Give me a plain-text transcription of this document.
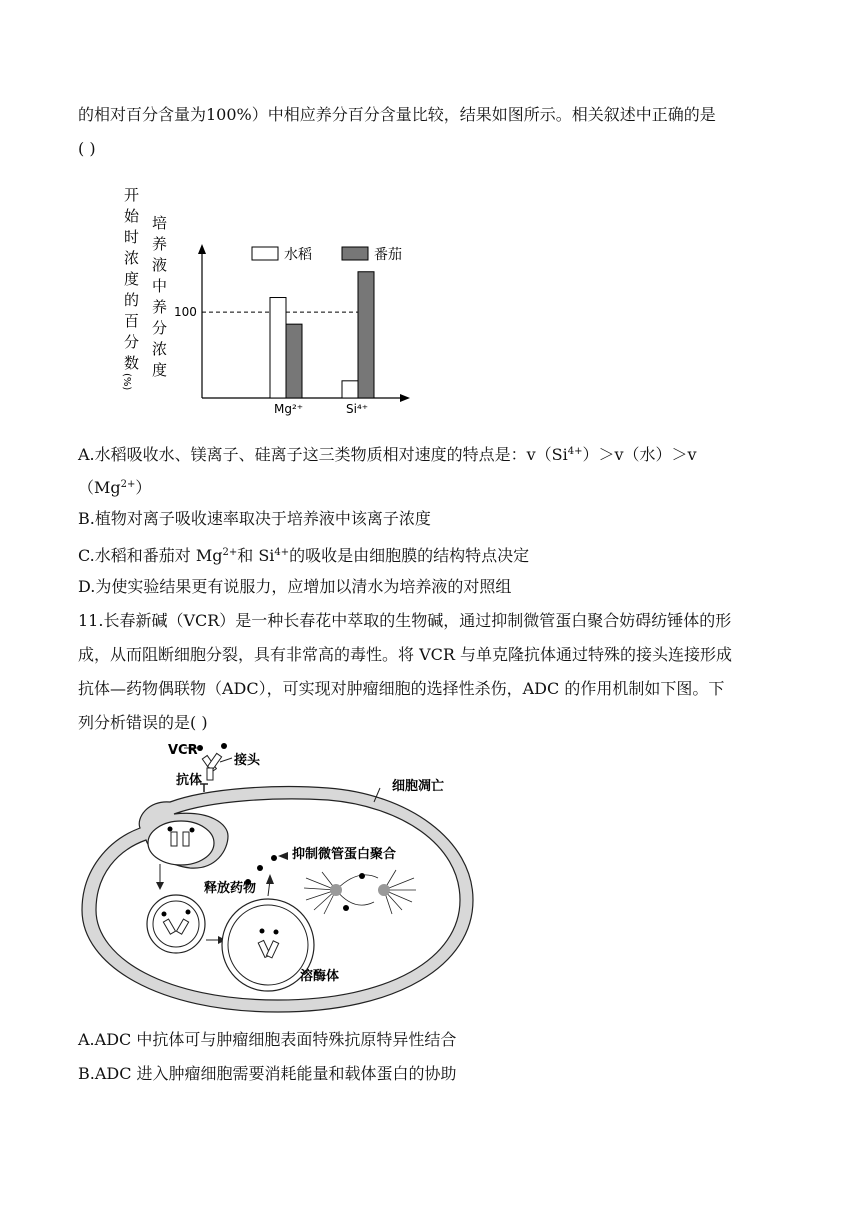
的相对百分含量为100%）中相应养分百分含量比较，结果如图所示。相关叙述中正确的是
( )
开
始
时
浓
度
的
百
分
数
(%)
培
养
液
中
养
分
浓
度
100
水稻	番茄
Mg²⁺	Si⁴⁺
A.水稻吸收水、镁离子、硅离子这三类物质相对速度的特点是：$v(Si^{4+})>v$（水）＞v
$(Mg^{2+})$
B.植物对离子吸收速率取决于培养液中该离子浓度
C.水稻和番茄对 $Mg^{2+}$和 $Si^{4+}$的吸收是由细胞膜的结构特点决定
D.为使实验结果更有说服力，应增加以清水为培养液的对照组
11.长春新碱（VCR）是一种长春花中萃取的生物碱，通过抑制微管蛋白聚合妨碍纺锤体的形
成，从而阻断细胞分裂，具有非常高的毒性。将 VCR 与单克隆抗体通过特殊的接头连接形成
抗体—药物偶联物（ADC），可实现对肿瘤细胞的选择性杀伤，ADC 的作用机制如下图。下
列分析错误的是( )
VCR
接头
抗体	细胞凋亡
溶酶体
释放药物
抑制微管蛋白聚合
A.ADC 中抗体可与肿瘤细胞表面特殊抗原特异性结合
B.ADC 进入肿瘤细胞需要消耗能量和载体蛋白的协助
